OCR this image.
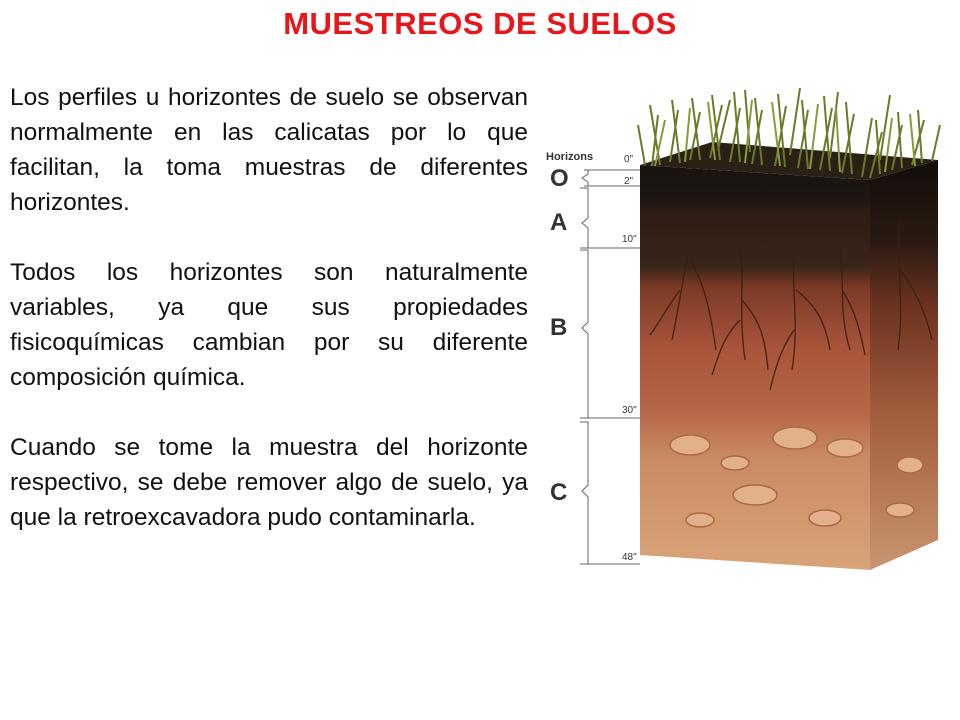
MUESTREOS DE SUELOS

Los perfiles u horizontes de suelo se observan normalmente en las calicatas por lo que facilitan, la toma muestras de diferentes horizontes.

Todos los horizontes son naturalmente variables, ya que sus propiedades fisicoquímicas cambian por su diferente composición química.

Cuando se tome la muestra del horizonte respectivo, se debe remover algo de suelo, ya que la retroexcavadora pudo contaminarla.

Horizons
O
A
B
C
0"
2"
10"
30"
48"
